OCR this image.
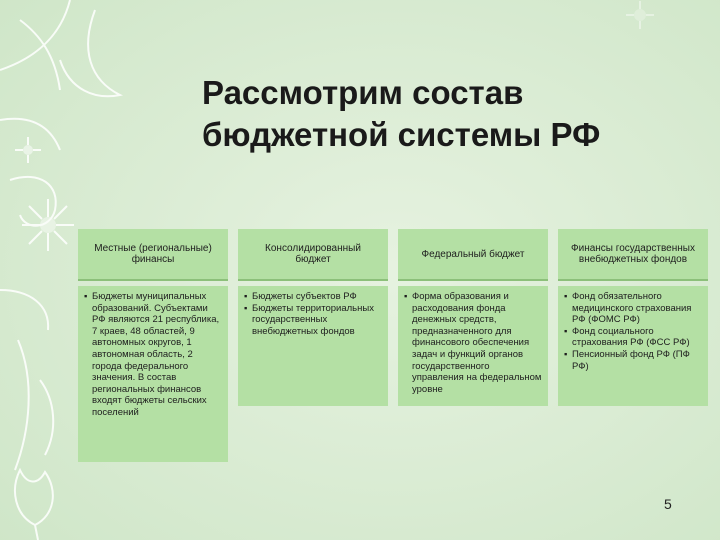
Рассмотрим состав
бюджетной системы РФ
Местные (региональные) финансы
▪ Бюджеты муниципальных образований. Субъектами РФ являются 21 республика, 7 краев, 48 областей, 9 автономных округов, 1 автономная область, 2 города федерального значения. В состав региональных финансов входят бюджеты сельских поселений
Консолидированный бюджет
▪ Бюджеты субъектов РФ
▪ Бюджеты территориальных государственных внебюджетных фондов
Федеральный бюджет
▪ Форма образования и расходования фонда денежных средств, предназначенного для финансового обеспечения задач и функций органов государственного управления на федеральном уровне
Финансы государственных внебюджетных фондов
▪ Фонд обязательного медицинского страхования РФ (ФОМС РФ)
▪ Фонд социального страхования РФ (ФСС РФ)
▪ Пенсионный фонд РФ (ПФ РФ)
5
